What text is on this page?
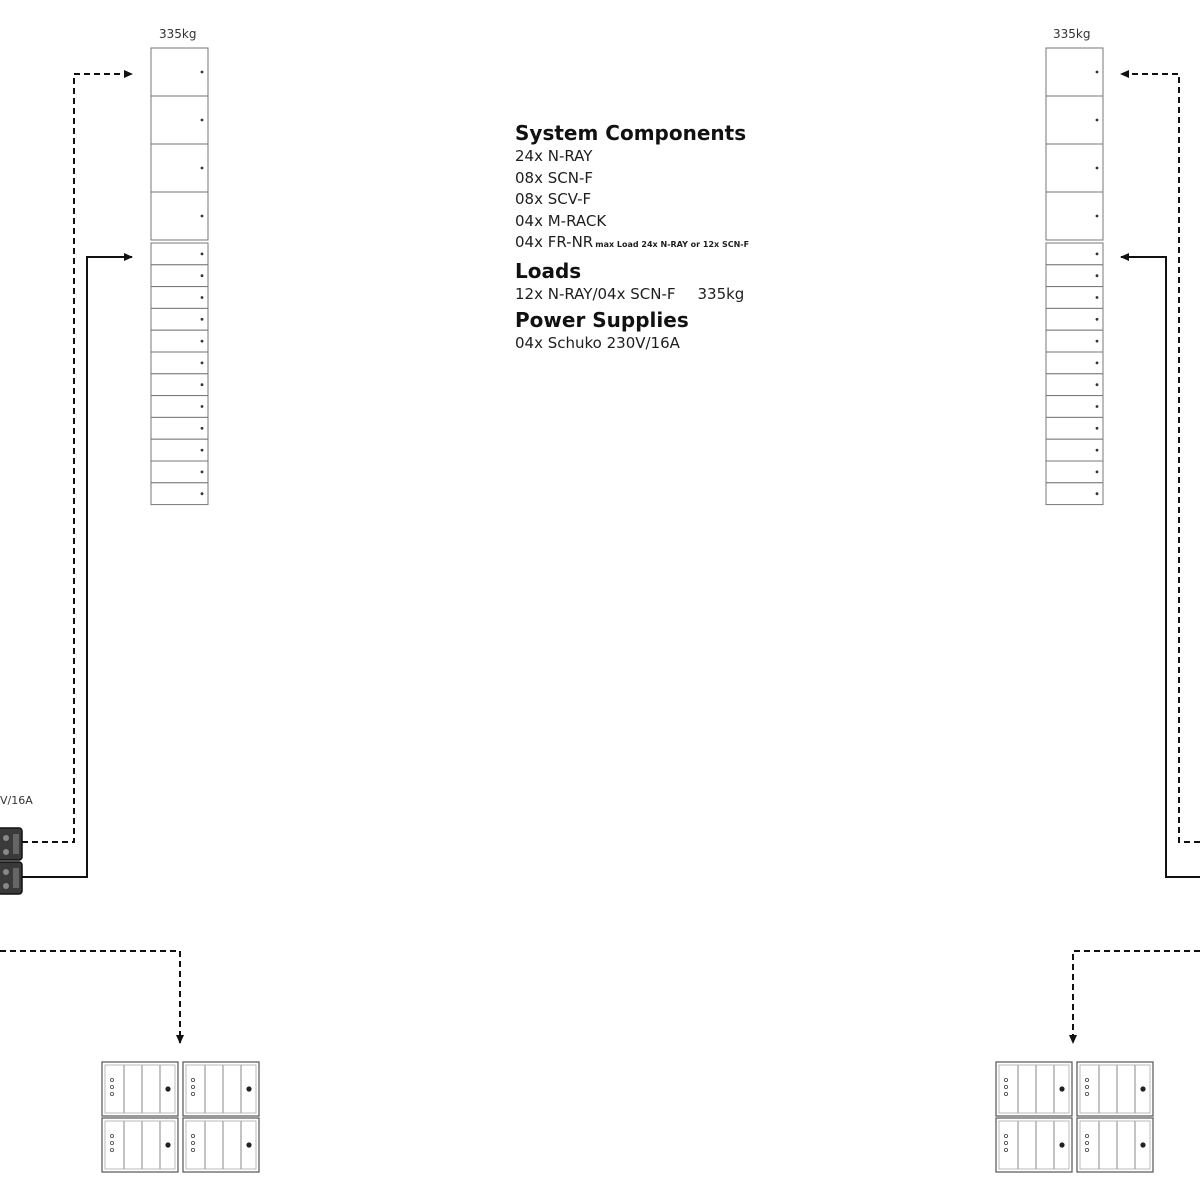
335kg	335kg
V/16A
System Components
24x N-RAY
08x SCN-F
08x SCV-F
04x M-RACK
04x FR-NR max Load 24x N-RAY or 12x SCN-F
Loads
12x N-RAY/04x SCN-F 335kg
Power Supplies
04x Schuko 230V/16A
